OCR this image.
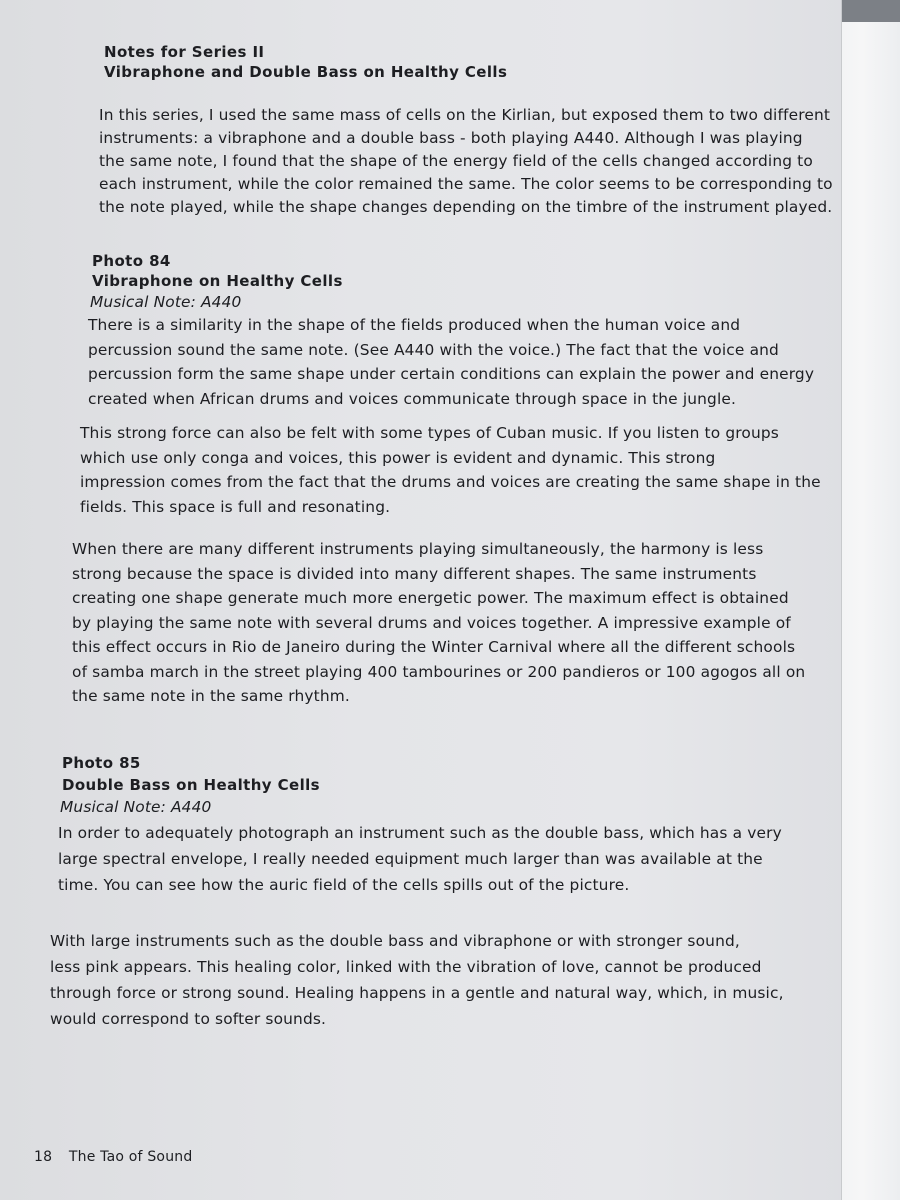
Notes for Series II
Vibraphone and Double Bass on Healthy Cells
In this series, I used the same mass of cells on the Kirlian, but exposed them to two different
instruments: a vibraphone and a double bass - both playing A440. Although I was playing
the same note, I found that the shape of the energy field of the cells changed according to
each instrument, while the color remained the same. The color seems to be corresponding to
the note played, while the shape changes depending on the timbre of the instrument played.
Photo 84
Vibraphone on Healthy Cells
Musical Note: A440
There is a similarity in the shape of the fields produced when the human voice and
percussion sound the same note. (See A440 with the voice.) The fact that the voice and
percussion form the same shape under certain conditions can explain the power and energy
created when African drums and voices communicate through space in the jungle.
This strong force can also be felt with some types of Cuban music. If you listen to groups
which use only conga and voices, this power is evident and dynamic. This strong
impression comes from the fact that the drums and voices are creating the same shape in the
fields. This space is full and resonating.
When there are many different instruments playing simultaneously, the harmony is less
strong because the space is divided into many different shapes. The same instruments
creating one shape generate much more energetic power. The maximum effect is obtained
by playing the same note with several drums and voices together. A impressive example of
this effect occurs in Rio de Janeiro during the Winter Carnival where all the different schools
of samba march in the street playing 400 tambourines or 200 pandieros or 100 agogos all on
the same note in the same rhythm.
Photo 85
Double Bass on Healthy Cells
Musical Note: A440
In order to adequately photograph an instrument such as the double bass, which has a very
large spectral envelope, I really needed equipment much larger than was available at the
time. You can see how the auric field of the cells spills out of the picture.
With large instruments such as the double bass and vibraphone or with stronger sound,
less pink appears. This healing color, linked with the vibration of love, cannot be produced
through force or strong sound. Healing happens in a gentle and natural way, which, in music,
would correspond to softer sounds.
18 The Tao of Sound
